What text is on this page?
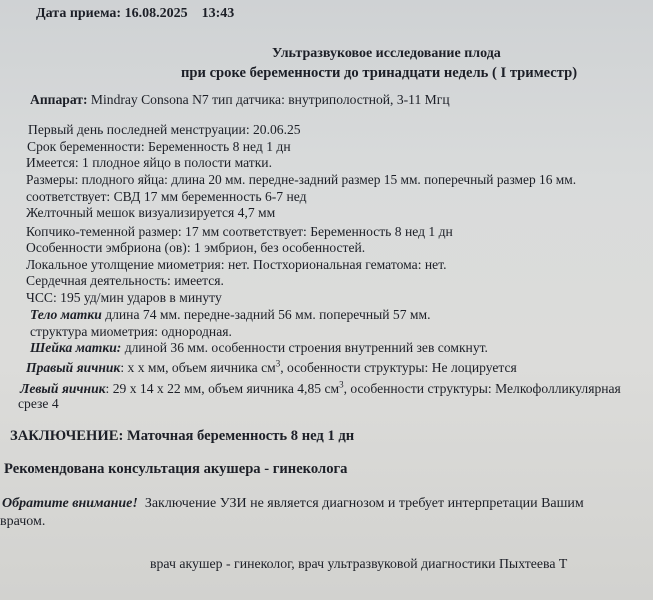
Дата приема: 16.08.2025 13:43
Ультразвуковое исследование плода
при сроке беременности до тринадцати недель ( I триместр)
Аппарат: Mindray Consona N7 тип датчика: внутриполостной, 3-11 Мгц
Первый день последней менструации: 20.06.25
Срок беременности: Беременность 8 нед 1 дн
Имеется: 1 плодное яйцо в полости матки.
Размеры: плодного яйца: длина 20 мм. передне-задний размер 15 мм. поперечный размер 16 мм.
соответствует: СВД 17 мм беременность 6-7 нед
Желточный мешок визуализируется 4,7 мм
Копчико-теменной размер: 17 мм соответствует: Беременность 8 нед 1 дн
Особенности эмбриона (ов): 1 эмбрион, без особенностей.
Локальное утолщение миометрия: нет. Постхориональная гематома: нет.
Сердечная деятельность: имеется.
ЧСС: 195 уд/мин ударов в минуту
Тело матки длина 74 мм. передне-задний 56 мм. поперечный 57 мм.
структура миометрия: однородная.
Шейка матки: длиной 36 мм. особенности строения внутренний зев сомкнут.
Правый яичник: x x мм, объем яичника $см^3$, особенности структуры: Не лоцируется
Левый яичник: 29 x 14 x 22 мм, объем яичника 4,85 $см^3$, особенности структуры: Мелкофолликулярная
срезе 4
ЗАКЛЮЧЕНИЕ: Маточная беременность 8 нед 1 дн
Рекомендована консультация акушера - гинеколога
Обратите внимание! Заключение УЗИ не является диагнозом и требует интерпретации Вашим
врачом.
врач акушер - гинеколог, врач ультразвуковой диагностики Пыхтеева Т
